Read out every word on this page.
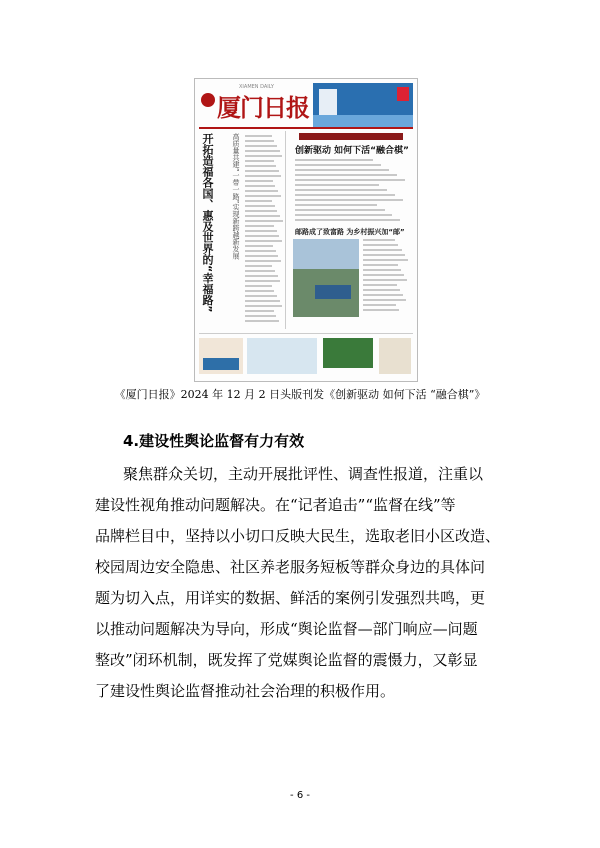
XIAMEN DAILY
厦门日报
开拓造福各国、惠及世界的“幸福路”	高质量共建“一带一路”实现新跨越新发展	创新驱动 如何下活“融合棋”
邮路成了致富路 为乡村振兴加“邮”
《厦门日报》2024 年 12 月 2 日头版刊发《创新驱动 如何下活 “融合棋”》
4.建设性舆论监督有力有效
聚焦群众关切，主动开展批评性、调查性报道，注重以
建设性视角推动问题解决。在“记者追击”“监督在线”等
品牌栏目中，坚持以小切口反映大民生，选取老旧小区改造、
校园周边安全隐患、社区养老服务短板等群众身边的具体问
题为切入点，用详实的数据、鲜活的案例引发强烈共鸣，更
以推动问题解决为导向，形成“舆论监督—部门响应—问题
整改”闭环机制，既发挥了党媒舆论监督的震慑力，又彰显
了建设性舆论监督推动社会治理的积极作用。
- 6 -
